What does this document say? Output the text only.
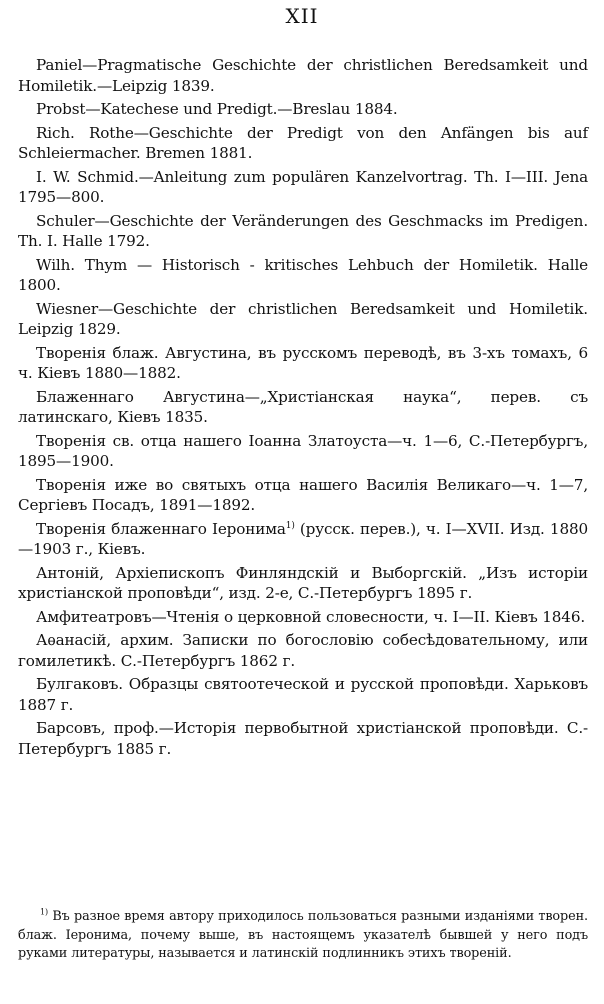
XII

Paniel—Pragmatische Geschichte der christlichen Beredsamkeit und Homiletik.—Leipzig 1839.

Probst—Katechese und Predigt.—Breslau 1884.

Rich. Rothe—Geschichte der Predigt von den Anfängen bis auf Schleiermacher. Bremen 1881.

I. W. Schmid.—Anleitung zum populären Kanzelvortrag. Th. I—III. Jena 1795—800.

Schuler—Geschichte der Veränderungen des Geschmacks im Predigen. Th. I. Halle 1792.

Wilh. Thym — Historisch - kritisches Lehbuch der Homiletik. Halle 1800.

Wiesner—Geschichte der christlichen Beredsamkeit und Homiletik. Leipzig 1829.

Творенія блаж. Августина, въ русскомъ переводѣ, въ 3-хъ томахъ, 6 ч. Кіевъ 1880—1882.

Блаженнаго Августина—„Христіанская наука“, перев. съ латинскаго, Кіевъ 1835.

Творенія св. отца нашего Іоанна Златоуста—ч. 1—6, С.-Петербургъ, 1895—1900.

Творенія иже во святыхъ отца нашего Василія Великаго—ч. 1—7, Сергіевъ Посадъ, 1891—1892.

Творенія блаженнаго Іеронима$^{1)}$ (русск. перев.), ч. I—XVII. Изд. 1880—1903 г., Кіевъ.

Антоній, Архіепископъ Финляндскій и Выборгскій. „Изъ исторіи христіанской проповѣди“, изд. 2-е, С.-Петербургъ 1895 г.

Амфитеатровъ—Чтенія о церковной словесности, ч. I—II. Кіевъ 1846.

Аѳанасій, архим. Записки по богословію собесѣдовательному, или гомилетикѣ. С.-Петербургъ 1862 г.

Булгаковъ. Образцы святоотеческой и русской проповѣди. Харьковъ 1887 г.

Барсовъ, проф.—Исторія первобытной христіанской проповѣди. С.-Петербургъ 1885 г.

$^{1)}$ Въ разное время автору приходилось пользоваться разными изданіями творен. блаж. Іеронима, почему выше, въ настоящемъ указателѣ бывшей у него подъ руками литературы, называется и латинскій подлинникъ этихъ твореній.
